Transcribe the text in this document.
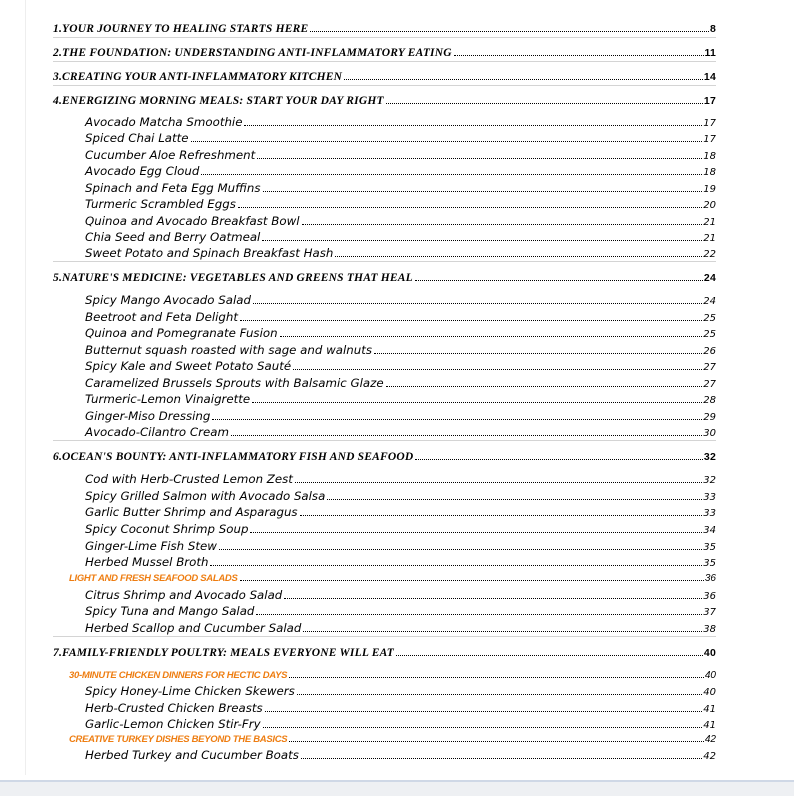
1.YOUR JOURNEY TO HEALING STARTS HERE	8
2.THE FOUNDATION: UNDERSTANDING ANTI-INFLAMMATORY EATING	11
3.CREATING YOUR ANTI-INFLAMMATORY KITCHEN	14
4.ENERGIZING MORNING MEALS: START YOUR DAY RIGHT	17
Avocado Matcha Smoothie	17
Spiced Chai Latte	17
Cucumber Aloe Refreshment	18
Avocado Egg Cloud	18
Spinach and Feta Egg Muffins	19
Turmeric Scrambled Eggs	20
Quinoa and Avocado Breakfast Bowl	21
Chia Seed and Berry Oatmeal	21
Sweet Potato and Spinach Breakfast Hash	22
5.NATURE'S MEDICINE: VEGETABLES AND GREENS THAT HEAL	24
Spicy Mango Avocado Salad	24
Beetroot and Feta Delight	25
Quinoa and Pomegranate Fusion	25
Butternut squash roasted with sage and walnuts	26
Spicy Kale and Sweet Potato Sauté	27
Caramelized Brussels Sprouts with Balsamic Glaze	27
Turmeric-Lemon Vinaigrette	28
Ginger-Miso Dressing	29
Avocado-Cilantro Cream	30
6.OCEAN'S BOUNTY: ANTI-INFLAMMATORY FISH AND SEAFOOD	32
Cod with Herb-Crusted Lemon Zest	32
Spicy Grilled Salmon with Avocado Salsa	33
Garlic Butter Shrimp and Asparagus	33
Spicy Coconut Shrimp Soup	34
Ginger-Lime Fish Stew	35
Herbed Mussel Broth	35
LIGHT AND FRESH SEAFOOD SALADS	36
Citrus Shrimp and Avocado Salad	36
Spicy Tuna and Mango Salad	37
Herbed Scallop and Cucumber Salad	38
7.FAMILY-FRIENDLY POULTRY: MEALS EVERYONE WILL EAT	40
30-MINUTE CHICKEN DINNERS FOR HECTIC DAYS	40
Spicy Honey-Lime Chicken Skewers	40
Herb-Crusted Chicken Breasts	41
Garlic-Lemon Chicken Stir-Fry	41
CREATIVE TURKEY DISHES BEYOND THE BASICS	42
Herbed Turkey and Cucumber Boats	42
